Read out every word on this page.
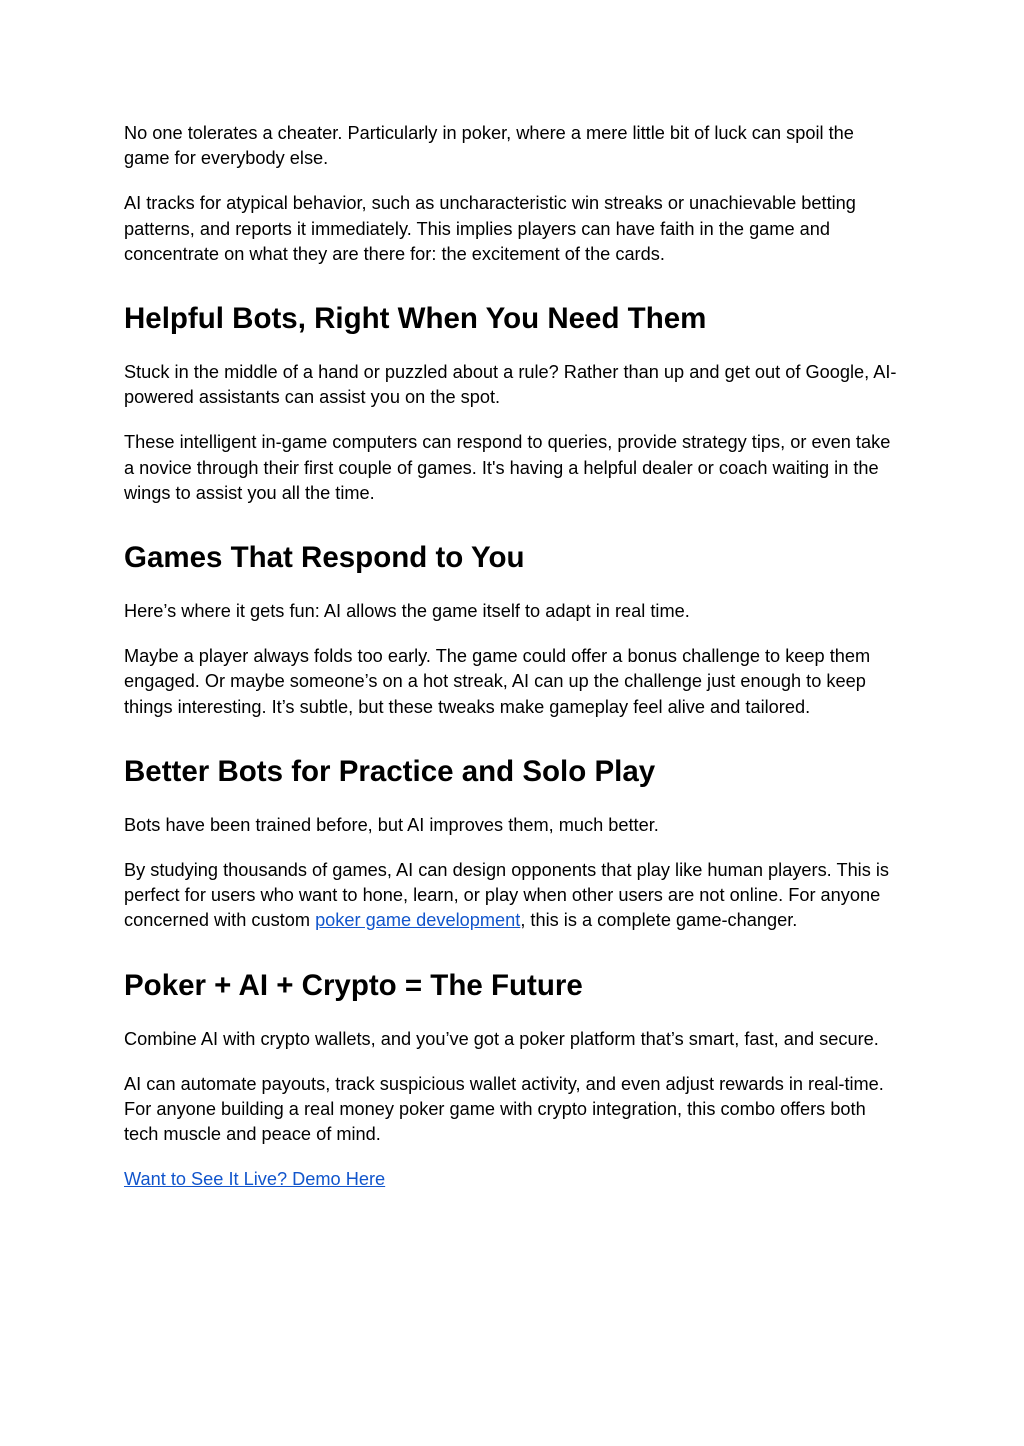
No one tolerates a cheater. Particularly in poker, where a mere little bit of luck can spoil the game for everybody else.

AI tracks for atypical behavior, such as uncharacteristic win streaks or unachievable betting patterns, and reports it immediately. This implies players can have faith in the game and concentrate on what they are there for: the excitement of the cards.

Helpful Bots, Right When You Need Them

Stuck in the middle of a hand or puzzled about a rule? Rather than up and get out of Google, AI-powered assistants can assist you on the spot.

These intelligent in-game computers can respond to queries, provide strategy tips, or even take a novice through their first couple of games. It's having a helpful dealer or coach waiting in the wings to assist you all the time.

Games That Respond to You

Here’s where it gets fun: AI allows the game itself to adapt in real time.

Maybe a player always folds too early. The game could offer a bonus challenge to keep them engaged. Or maybe someone’s on a hot streak, AI can up the challenge just enough to keep things interesting. It’s subtle, but these tweaks make gameplay feel alive and tailored.

Better Bots for Practice and Solo Play

Bots have been trained before, but AI improves them, much better.

By studying thousands of games, AI can design opponents that play like human players. This is perfect for users who want to hone, learn, or play when other users are not online. For anyone concerned with custom poker game development, this is a complete game-changer.

Poker + AI + Crypto = The Future

Combine AI with crypto wallets, and you’ve got a poker platform that’s smart, fast, and secure.

AI can automate payouts, track suspicious wallet activity, and even adjust rewards in real-time. For anyone building a real money poker game with crypto integration, this combo offers both tech muscle and peace of mind.

Want to See It Live? Demo Here
